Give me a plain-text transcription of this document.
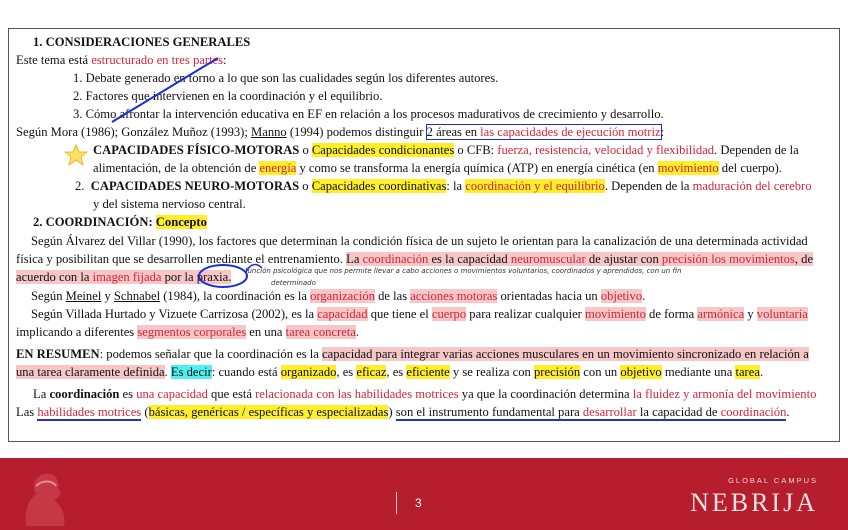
1. CONSIDERACIONES GENERALES
Este tema está estructurado en tres partes:
1. Debate generado en torno a lo que son las cualidades según los diferentes autores.
2. Factores que intervienen en la coordinación y el equilibrio.
3. Cómo afrontar la intervención educativa en EF en relación a los procesos madurativos de crecimiento y desarrollo.
Según Mora (1986); González Muñoz (1993); Manno (1994) podemos distinguir 2 áreas en las capacidades de ejecución motriz:
CAPACIDADES FÍSICO-MOTORAS o Capacidades condicionantes o CFB: fuerza, resistencia, velocidad y flexibilidad. Dependen de la
alimentación, de la obtención de energía y como se transforma la energía química (ATP) en energía cinética (en movimiento del cuerpo).
2.  CAPACIDADES NEURO-MOTORAS o Capacidades coordinativas: la coordinación y el equilibrio. Dependen de la maduración del cerebro
y del sistema nervioso central.
2. COORDINACIÓN: Concepto
Según Álvarez del Villar (1990), los factores que determinan la condición física de un sujeto le orientan para la canalización de una determinada actividad
física y posibilitan que se desarrollen mediante el entrenamiento. La coordinación es la capacidad neuromuscular de ajustar con precisión los movimientos, de
acuerdo con la imagen fijada por la praxia. función psicológica que nos permite llevar a cabo acciones o movimientos voluntarios, coordinados y aprendidos, con un fin
determinado
Según Meinel y Schnabel (1984), la coordinación es la organización de las acciones motoras orientadas hacia un objetivo.
Según Villada Hurtado y Vizuete Carrizosa (2002), es la capacidad que tiene el cuerpo para realizar cualquier movimiento de forma armónica y voluntaria
implicando a diferentes segmentos corporales en una tarea concreta.
EN RESUMEN: podemos señalar que la coordinación es la capacidad para integrar varias acciones musculares en un movimiento sincronizado en relación a
una tarea claramente definida. Es decir: cuando está organizado, es eficaz, es eficiente y se realiza con precisión con un objetivo mediante una tarea.
La coordinación es una capacidad que está relacionada con las habilidades motrices ya que la coordinación determina la fluidez y armonía del movimiento
Las habilidades motrices (básicas, genéricas / específicas y especializadas) son el instrumento fundamental para desarrollar la capacidad de coordinación.
3
GLOBAL CAMPUS
NEBRIJA
